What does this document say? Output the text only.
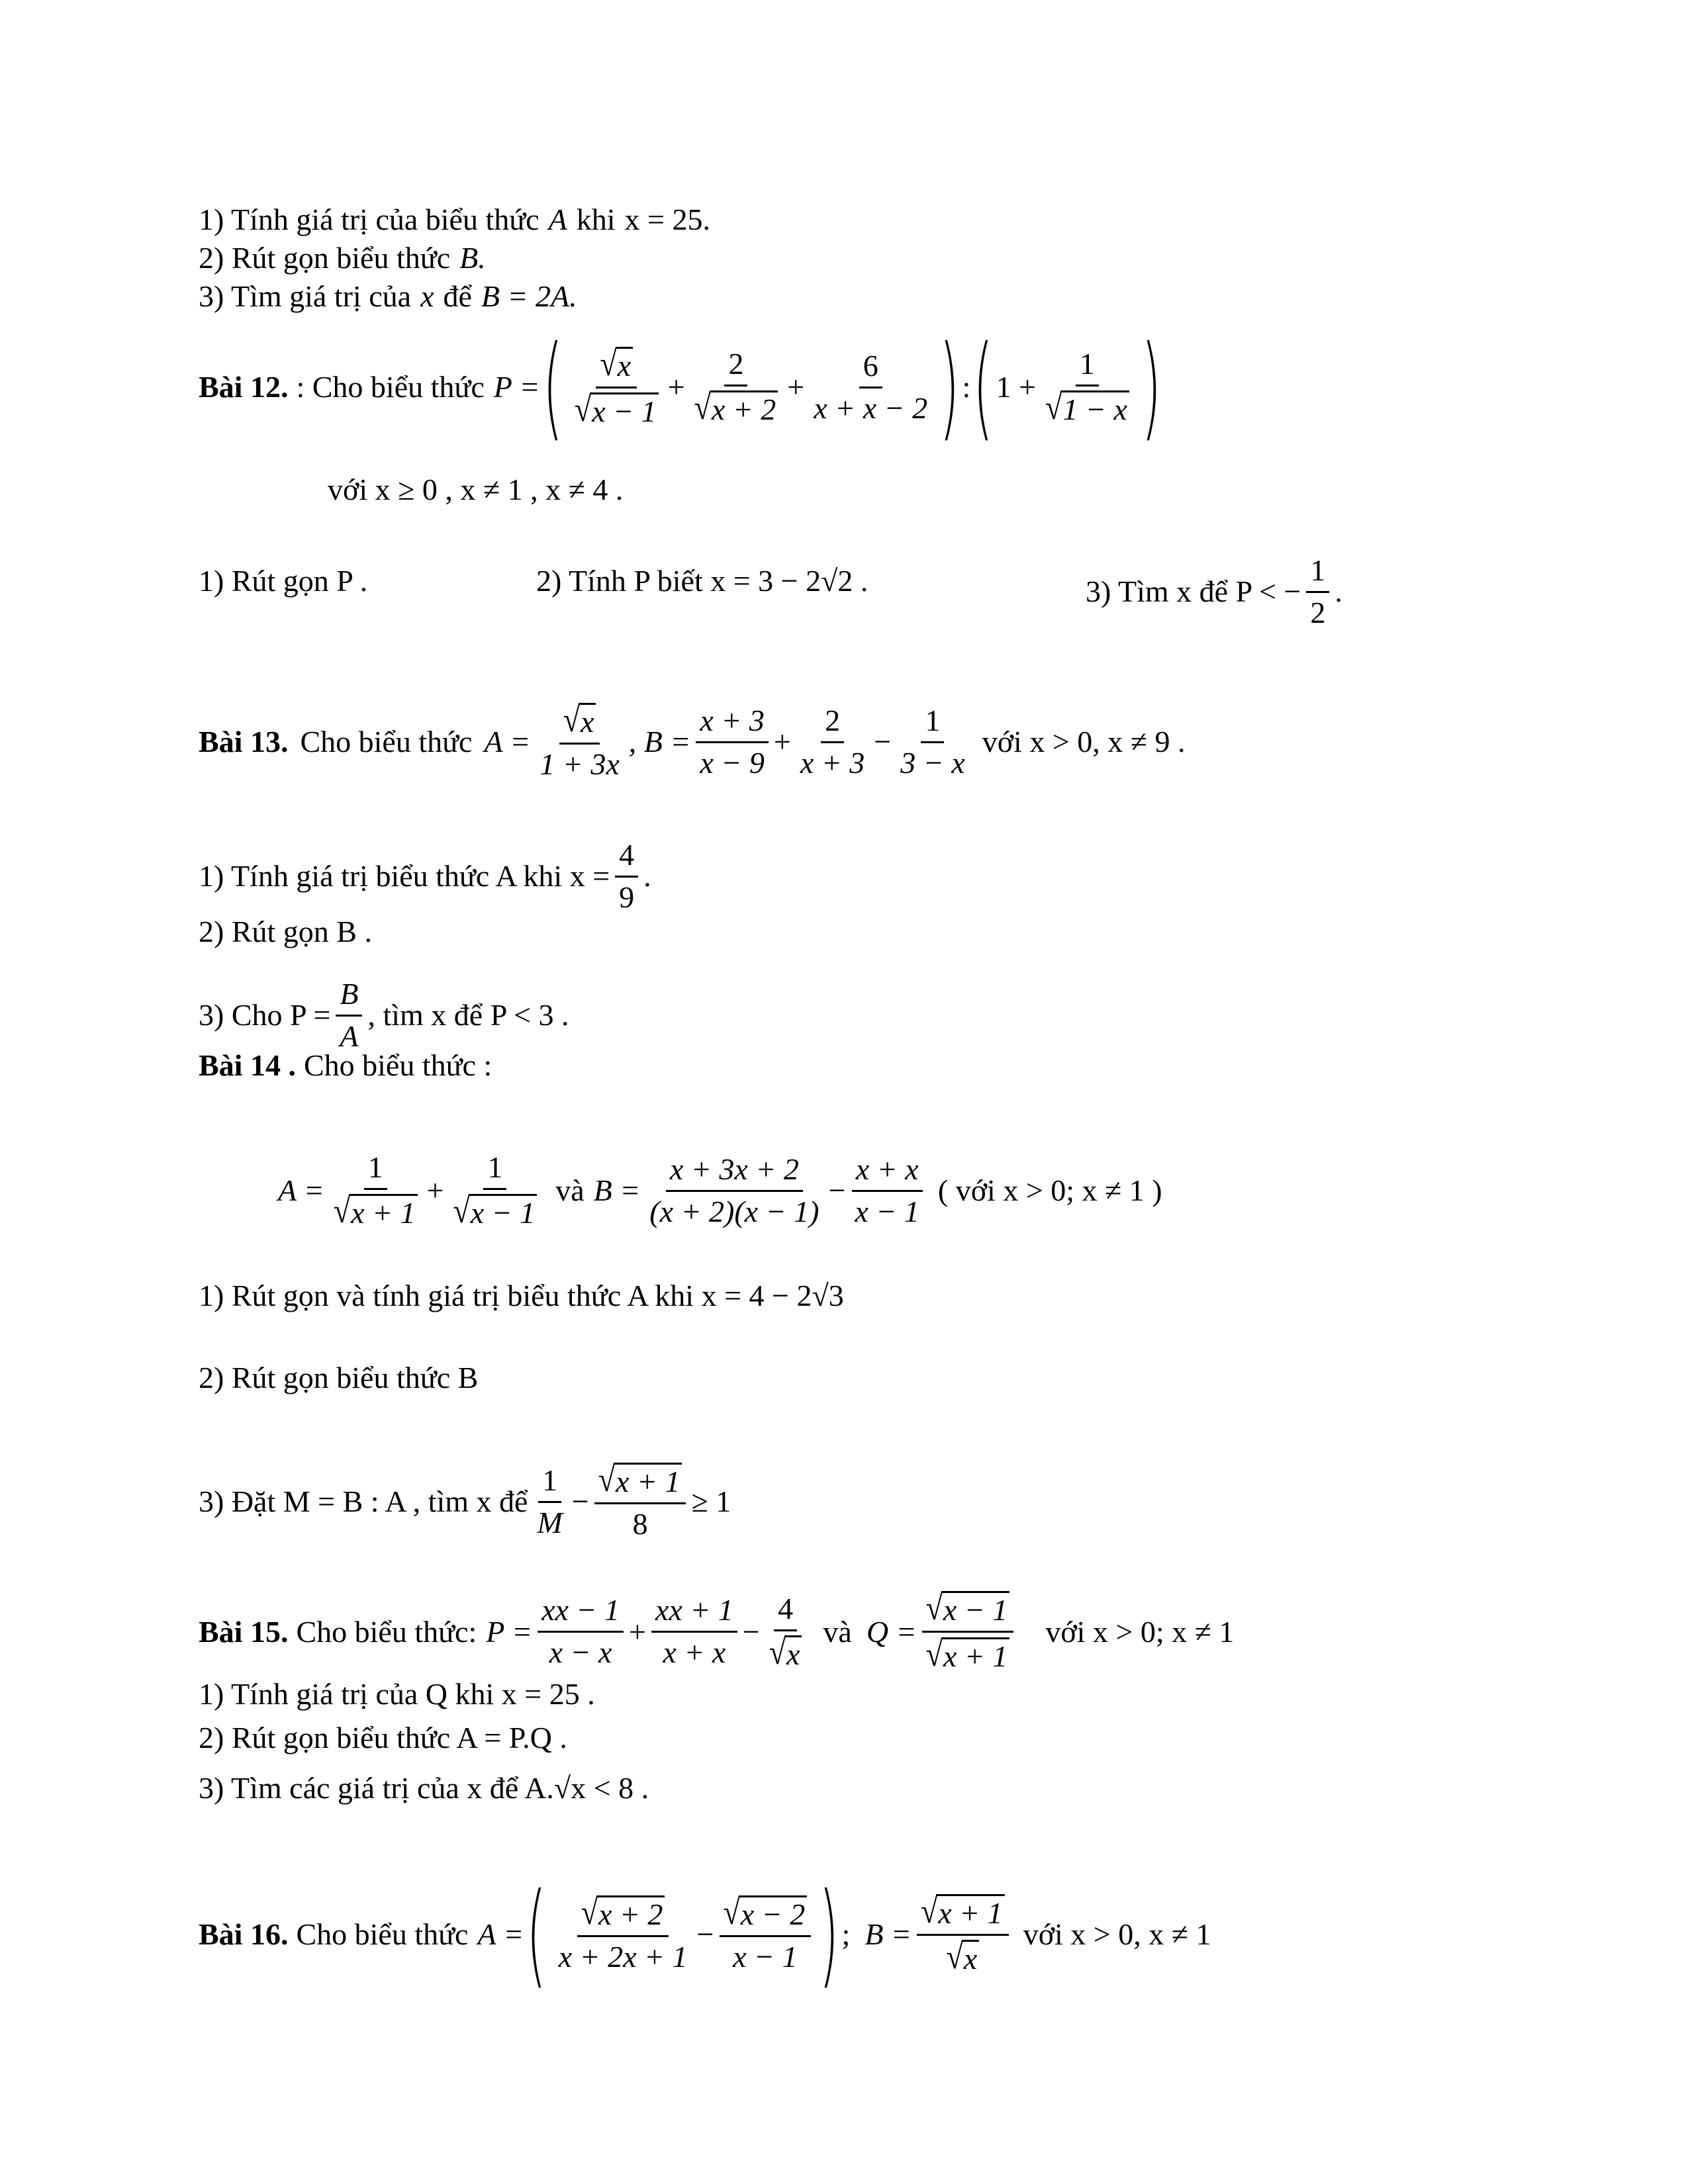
1) Tính giá trị của biểu thức A khi x = 25.
2) Rút gọn biểu thức B.
3) Tìm giá trị của x để B = 2A.
Bài 12. : Cho biểu thức P = ( $\frac{√ x}{√ x - 1} + \frac{2}{√ x + 2} + \frac{6}{x + x - 2}$ ) : ( $1 + \frac{1}{√ 1 - x}$ )
với x ≥ 0 , x ≠ 1 , x ≠ 4 .
1) Rút gọn P .	2) Tính P biết x = 3 − 2√2 .	3) Tìm x để P < − $\frac{1}{2}$ .
Bài 13. Cho biểu thức $A = \frac{√ x}{1 + 3x}$ , $B = \frac{x + 3}{x - 9} + \frac{2}{x + 3} - \frac{1}{3 - x}$ với x > 0, x ≠ 9 .
1) Tính giá trị biểu thức A khi $x = \frac{4}{9}$ .
2) Rút gọn B .
3) Cho $P = \frac{B}{A}$ , tìm x để P < 3 .
Bài 14 . Cho biểu thức :
$A = \frac{1}{√ x + 1} + \frac{1}{√ x - 1}$ và $B = \frac{x + 3x + 2}{(x + 2)(x - 1)} - \frac{x + x}{x - 1}$ ( với x > 0; x ≠ 1 )
1) Rút gọn và tính giá trị biểu thức A khi x = 4 − 2√3
2) Rút gọn biểu thức B
3) Đặt M = B : A , tìm x để $\frac{1}{M} - \frac{√ x + 1}{8} \ge 1$
Bài 15. Cho biểu thức: $P = \frac{xx - 1}{x - x} + \frac{xx + 1}{x + x} - \frac{4}{√ x}$ và $Q = \frac{√ x - 1}{√ x + 1}$ với x > 0; x ≠ 1
1) Tính giá trị của Q khi x = 25 .
2) Rút gọn biểu thức A = P.Q .
3) Tìm các giá trị của x để A.√x < 8 .
Bài 16. Cho biểu thức A = ( $\frac{√ x + 2}{x + 2x + 1} - \frac{√ x - 2}{x - 1}$ ) ; $B = \frac{√ x + 1}{√ x}$ với x > 0, x ≠ 1
